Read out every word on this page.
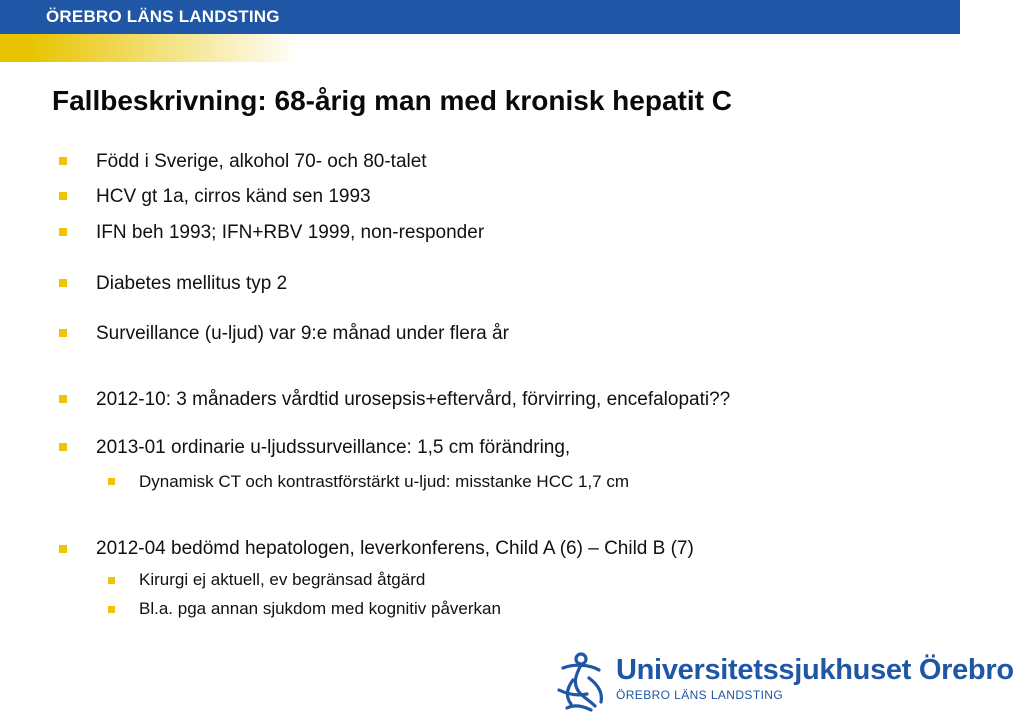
ÖREBRO LÄNS LANDSTING
Fallbeskrivning: 68-årig man med kronisk hepatit C
Född i Sverige, alkohol 70- och 80-talet
HCV gt 1a, cirros känd sen 1993
IFN beh 1993; IFN+RBV 1999, non-responder
Diabetes mellitus typ 2
Surveillance (u-ljud) var 9:e månad under flera år
2012-10: 3 månaders vårdtid urosepsis+eftervård, förvirring, encefalopati??
2013-01 ordinarie u-ljudssurveillance: 1,5 cm förändring,
Dynamisk CT och kontrastförstärkt u-ljud: misstanke HCC 1,7 cm
2012-04 bedömd hepatologen, leverkonferens, Child A (6) – Child B (7)
Kirurgi ej aktuell, ev begränsad åtgärd
Bl.a. pga annan sjukdom med kognitiv påverkan
Universitetssjukhuset Örebro
ÖREBRO LÄNS LANDSTING
